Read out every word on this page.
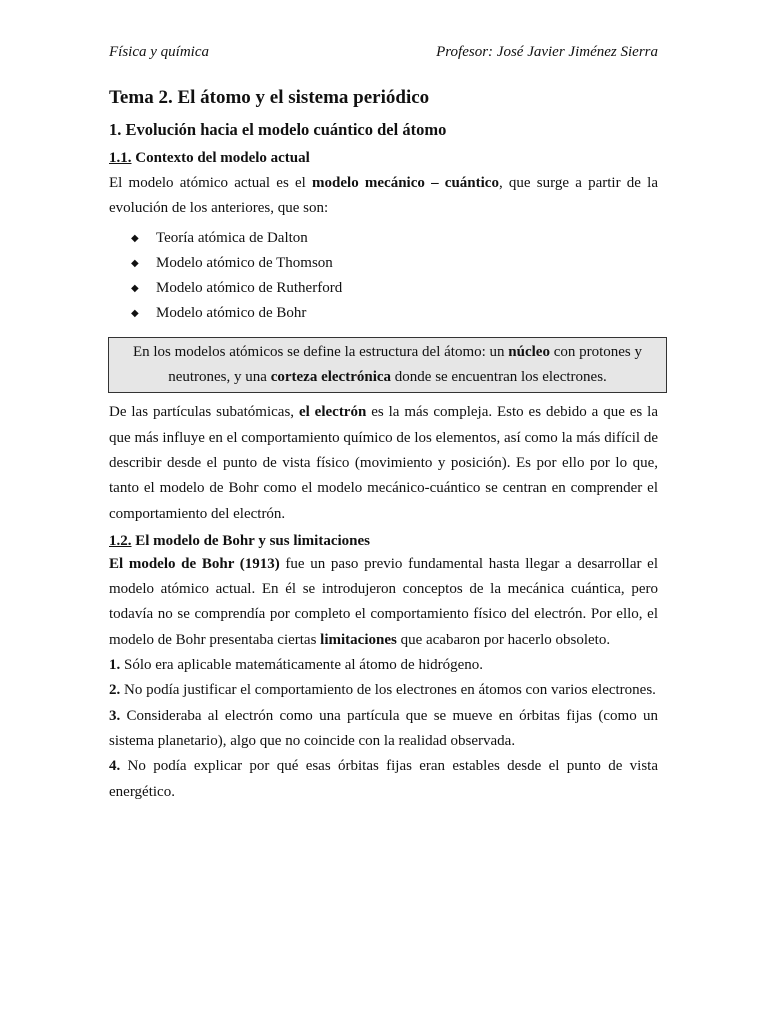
Física y química	Profesor: José Javier Jiménez Sierra
Tema 2. El átomo y el sistema periódico
1. Evolución hacia el modelo cuántico del átomo
1.1. Contexto del modelo actual

El modelo atómico actual es el modelo mecánico – cuántico, que surge a partir de la evolución de los anteriores, que son:

◆ Teoría atómica de Dalton
◆ Modelo atómico de Thomson
◆ Modelo atómico de Rutherford
◆ Modelo atómico de Bohr
En los modelos atómicos se define la estructura del átomo: un núcleo con protones y neutrones, y una corteza electrónica donde se encuentran los electrones.

De las partículas subatómicas, el electrón es la más compleja. Esto es debido a que es la que más influye en el comportamiento químico de los elementos, así como la más difícil de describir desde el punto de vista físico (movimiento y posición). Es por ello por lo que, tanto el modelo de Bohr como el modelo mecánico-cuántico se centran en comprender el comportamiento del electrón.

1.2. El modelo de Bohr y sus limitaciones

El modelo de Bohr (1913) fue un paso previo fundamental hasta llegar a desarrollar el modelo atómico actual. En él se introdujeron conceptos de la mecánica cuántica, pero todavía no se comprendía por completo el comportamiento físico del electrón. Por ello, el modelo de Bohr presentaba ciertas limitaciones que acabaron por hacerlo obsoleto.

1. Sólo era aplicable matemáticamente al átomo de hidrógeno.

2. No podía justificar el comportamiento de los electrones en átomos con varios electrones.

3. Consideraba al electrón como una partícula que se mueve en órbitas fijas (como un sistema planetario), algo que no coincide con la realidad observada.

4. No podía explicar por qué esas órbitas fijas eran estables desde el punto de vista energético.
